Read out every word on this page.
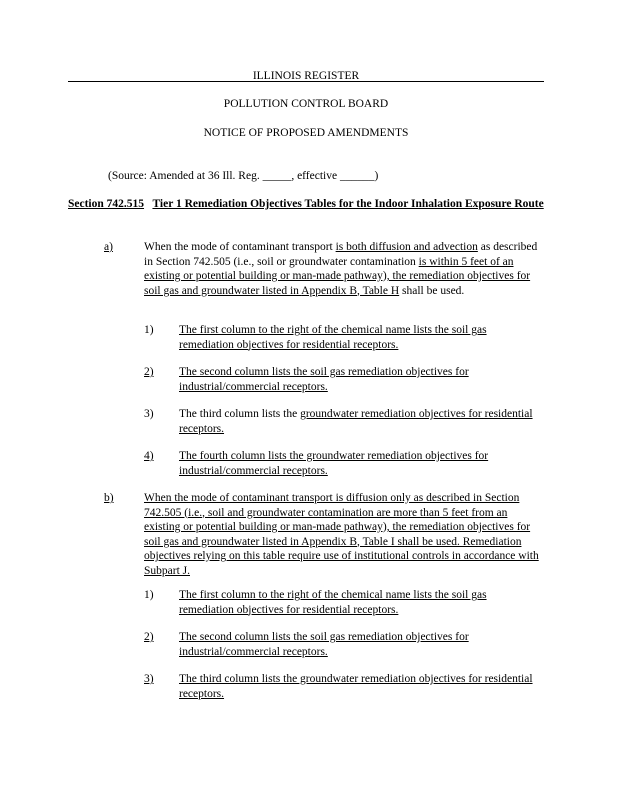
ILLINOIS REGISTER
POLLUTION CONTROL BOARD
NOTICE OF PROPOSED AMENDMENTS
(Source: Amended at 36 Ill. Reg. _____, effective ______)
Section 742.515 Tier 1 Remediation Objectives Tables for the Indoor Inhalation Exposure Route
a)	When the mode of contaminant transport is both diffusion and advection as described in Section 742.505 (i.e., soil or groundwater contamination is within 5 feet of an existing or potential building or man-made pathway), the remediation objectives for soil gas and groundwater listed in Appendix B, Table H shall be used.
1) The first column to the right of the chemical name lists the soil gas remediation objectives for residential receptors.
2) The second column lists the soil gas remediation objectives for industrial/commercial receptors.
3) The third column lists the groundwater remediation objectives for residential receptors.
4) The fourth column lists the groundwater remediation objectives for industrial/commercial receptors.
b)	When the mode of contaminant transport is diffusion only as described in Section 742.505 (i.e., soil and groundwater contamination are more than 5 feet from an existing or potential building or man-made pathway), the remediation objectives for soil gas and groundwater listed in Appendix B, Table I shall be used. Remediation objectives relying on this table require use of institutional controls in accordance with Subpart J.
1) The first column to the right of the chemical name lists the soil gas remediation objectives for residential receptors.
2) The second column lists the soil gas remediation objectives for industrial/commercial receptors.
3) The third column lists the groundwater remediation objectives for residential receptors.
